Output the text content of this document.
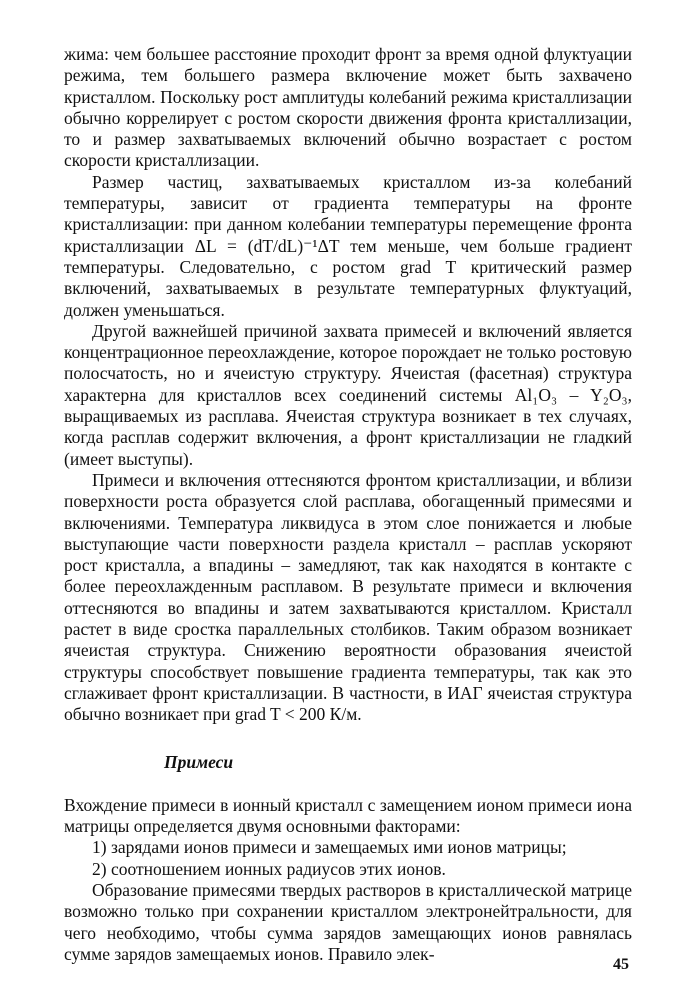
жима: чем большее расстояние проходит фронт за время одной флуктуации режима, тем большего размера включение может быть захвачено кристаллом. Поскольку рост амплитуды колебаний режима кристаллизации обычно коррелирует с ростом скорости движения фронта кристаллизации, то и размер захватываемых включений обычно возрастает с ростом скорости кристаллизации.

Размер частиц, захватываемых кристаллом из-за колебаний температуры, зависит от градиента температуры на фронте кристаллизации: при данном колебании температуры перемещение фронта кристаллизации ΔL = (dT/dL)⁻¹ΔT тем меньше, чем больше градиент температуры. Следовательно, с ростом grad T критический размер включений, захватываемых в результате температурных флуктуаций, должен уменьшаться.

Другой важнейшей причиной захвата примесей и включений является концентрационное переохлаждение, которое порождает не только ростовую полосчатость, но и ячеистую структуру. Ячеистая (фасетная) структура характерна для кристаллов всех соединений системы Al₁O₃ – Y₂O₃, выращиваемых из расплава. Ячеистая структура возникает в тех случаях, когда расплав содержит включения, а фронт кристаллизации не гладкий (имеет выступы).

Примеси и включения оттесняются фронтом кристаллизации, и вблизи поверхности роста образуется слой расплава, обогащенный примесями и включениями. Температура ликвидуса в этом слое понижается и любые выступающие части поверхности раздела кристалл – расплав ускоряют рост кристалла, а впадины – замедляют, так как находятся в контакте с более переохлажденным расплавом. В результате примеси и включения оттесняются во впадины и затем захватываются кристаллом. Кристалл растет в виде сростка параллельных столбиков. Таким образом возникает ячеистая структура. Снижению вероятности образования ячеистой структуры способствует повышение градиента температуры, так как это сглаживает фронт кристаллизации. В частности, в ИАГ ячеистая структура обычно возникает при grad T < 200 К/м.

Примеси

Вхождение примеси в ионный кристалл с замещением ионом примеси иона матрицы определяется двумя основными факторами:

1) зарядами ионов примеси и замещаемых ими ионов матрицы;

2) соотношением ионных радиусов этих ионов.

Образование примесями твердых растворов в кристаллической матрице возможно только при сохранении кристаллом электронейтральности, для чего необходимо, чтобы сумма зарядов замещающих ионов равнялась сумме зарядов замещаемых ионов. Правило элек-

45
